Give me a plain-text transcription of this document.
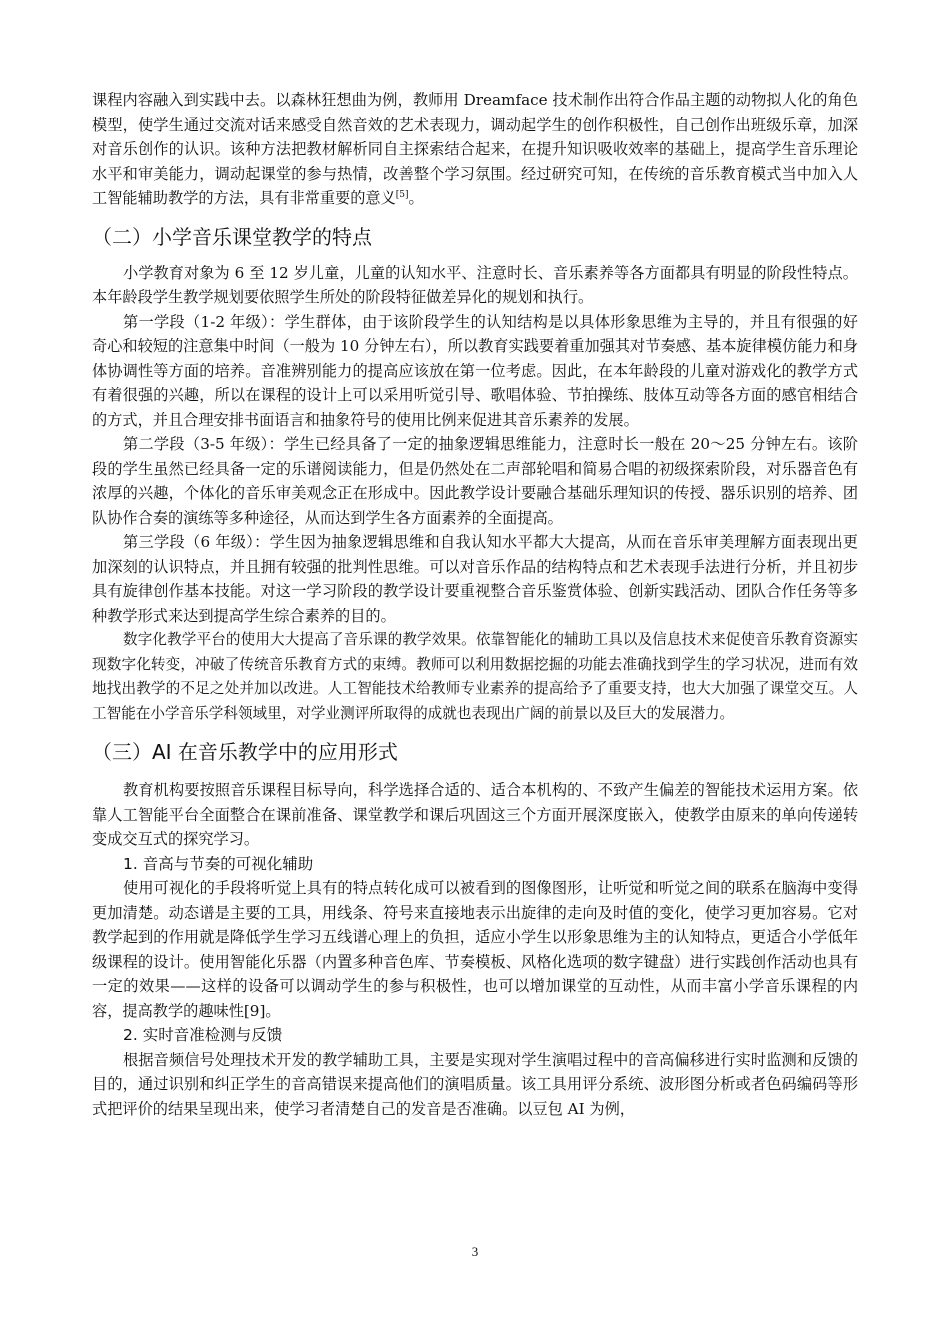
课程内容融入到实践中去。以森林狂想曲为例，教师用 Dreamface 技术制作出符合作品主题的动物拟人化的角色模型，使学生通过交流对话来感受自然音效的艺术表现力，调动起学生的创作积极性，自己创作出班级乐章，加深对音乐创作的认识。该种方法把教材解析同自主探索结合起来，在提升知识吸收效率的基础上，提高学生音乐理论水平和审美能力，调动起课堂的参与热情，改善整个学习氛围。经过研究可知，在传统的音乐教育模式当中加入人工智能辅助教学的方法，具有非常重要的意义[5]。

（二）小学音乐课堂教学的特点

小学教育对象为 6 至 12 岁儿童，儿童的认知水平、注意时长、音乐素养等各方面都具有明显的阶段性特点。本年龄段学生教学规划要依照学生所处的阶段特征做差异化的规划和执行。

第一学段（1-2 年级）：学生群体，由于该阶段学生的认知结构是以具体形象思维为主导的，并且有很强的好奇心和较短的注意集中时间（一般为 10 分钟左右），所以教育实践要着重加强其对节奏感、基本旋律模仿能力和身体协调性等方面的培养。音准辨别能力的提高应该放在第一位考虑。因此，在本年龄段的儿童对游戏化的教学方式有着很强的兴趣，所以在课程的设计上可以采用听觉引导、歌唱体验、节拍操练、肢体互动等各方面的感官相结合的方式，并且合理安排书面语言和抽象符号的使用比例来促进其音乐素养的发展。

第二学段（3-5 年级）：学生已经具备了一定的抽象逻辑思维能力，注意时长一般在 20～25 分钟左右。该阶段的学生虽然已经具备一定的乐谱阅读能力，但是仍然处在二声部轮唱和简易合唱的初级探索阶段，对乐器音色有浓厚的兴趣，个体化的音乐审美观念正在形成中。因此教学设计要融合基础乐理知识的传授、器乐识别的培养、团队协作合奏的演练等多种途径，从而达到学生各方面素养的全面提高。

第三学段（6 年级）：学生因为抽象逻辑思维和自我认知水平都大大提高，从而在音乐审美理解方面表现出更加深刻的认识特点，并且拥有较强的批判性思维。可以对音乐作品的结构特点和艺术表现手法进行分析，并且初步具有旋律创作基本技能。对这一学习阶段的教学设计要重视整合音乐鉴赏体验、创新实践活动、团队合作任务等多种教学形式来达到提高学生综合素养的目的。

数字化教学平台的使用大大提高了音乐课的教学效果。依靠智能化的辅助工具以及信息技术来促使音乐教育资源实现数字化转变，冲破了传统音乐教育方式的束缚。教师可以利用数据挖掘的功能去准确找到学生的学习状况，进而有效地找出教学的不足之处并加以改进。人工智能技术给教师专业素养的提高给予了重要支持，也大大加强了课堂交互。人工智能在小学音乐学科领域里，对学业测评所取得的成就也表现出广阔的前景以及巨大的发展潜力。

（三）AI 在音乐教学中的应用形式

教育机构要按照音乐课程目标导向，科学选择合适的、适合本机构的、不致产生偏差的智能技术运用方案。依靠人工智能平台全面整合在课前准备、课堂教学和课后巩固这三个方面开展深度嵌入，使教学由原来的单向传递转变成交互式的探究学习。

1. 音高与节奏的可视化辅助

使用可视化的手段将听觉上具有的特点转化成可以被看到的图像图形，让听觉和听觉之间的联系在脑海中变得更加清楚。动态谱是主要的工具，用线条、符号来直接地表示出旋律的走向及时值的变化，使学习更加容易。它对教学起到的作用就是降低学生学习五线谱心理上的负担，适应小学生以形象思维为主的认知特点，更适合小学低年级课程的设计。使用智能化乐器（内置多种音色库、节奏模板、风格化选项的数字键盘）进行实践创作活动也具有一定的效果——这样的设备可以调动学生的参与积极性，也可以增加课堂的互动性，从而丰富小学音乐课程的内容，提高教学的趣味性[9]。

2. 实时音准检测与反馈

根据音频信号处理技术开发的教学辅助工具，主要是实现对学生演唱过程中的音高偏移进行实时监测和反馈的目的，通过识别和纠正学生的音高错误来提高他们的演唱质量。该工具用评分系统、波形图分析或者色码编码等形式把评价的结果呈现出来，使学习者清楚自己的发音是否准确。以豆包 AI 为例，

3
